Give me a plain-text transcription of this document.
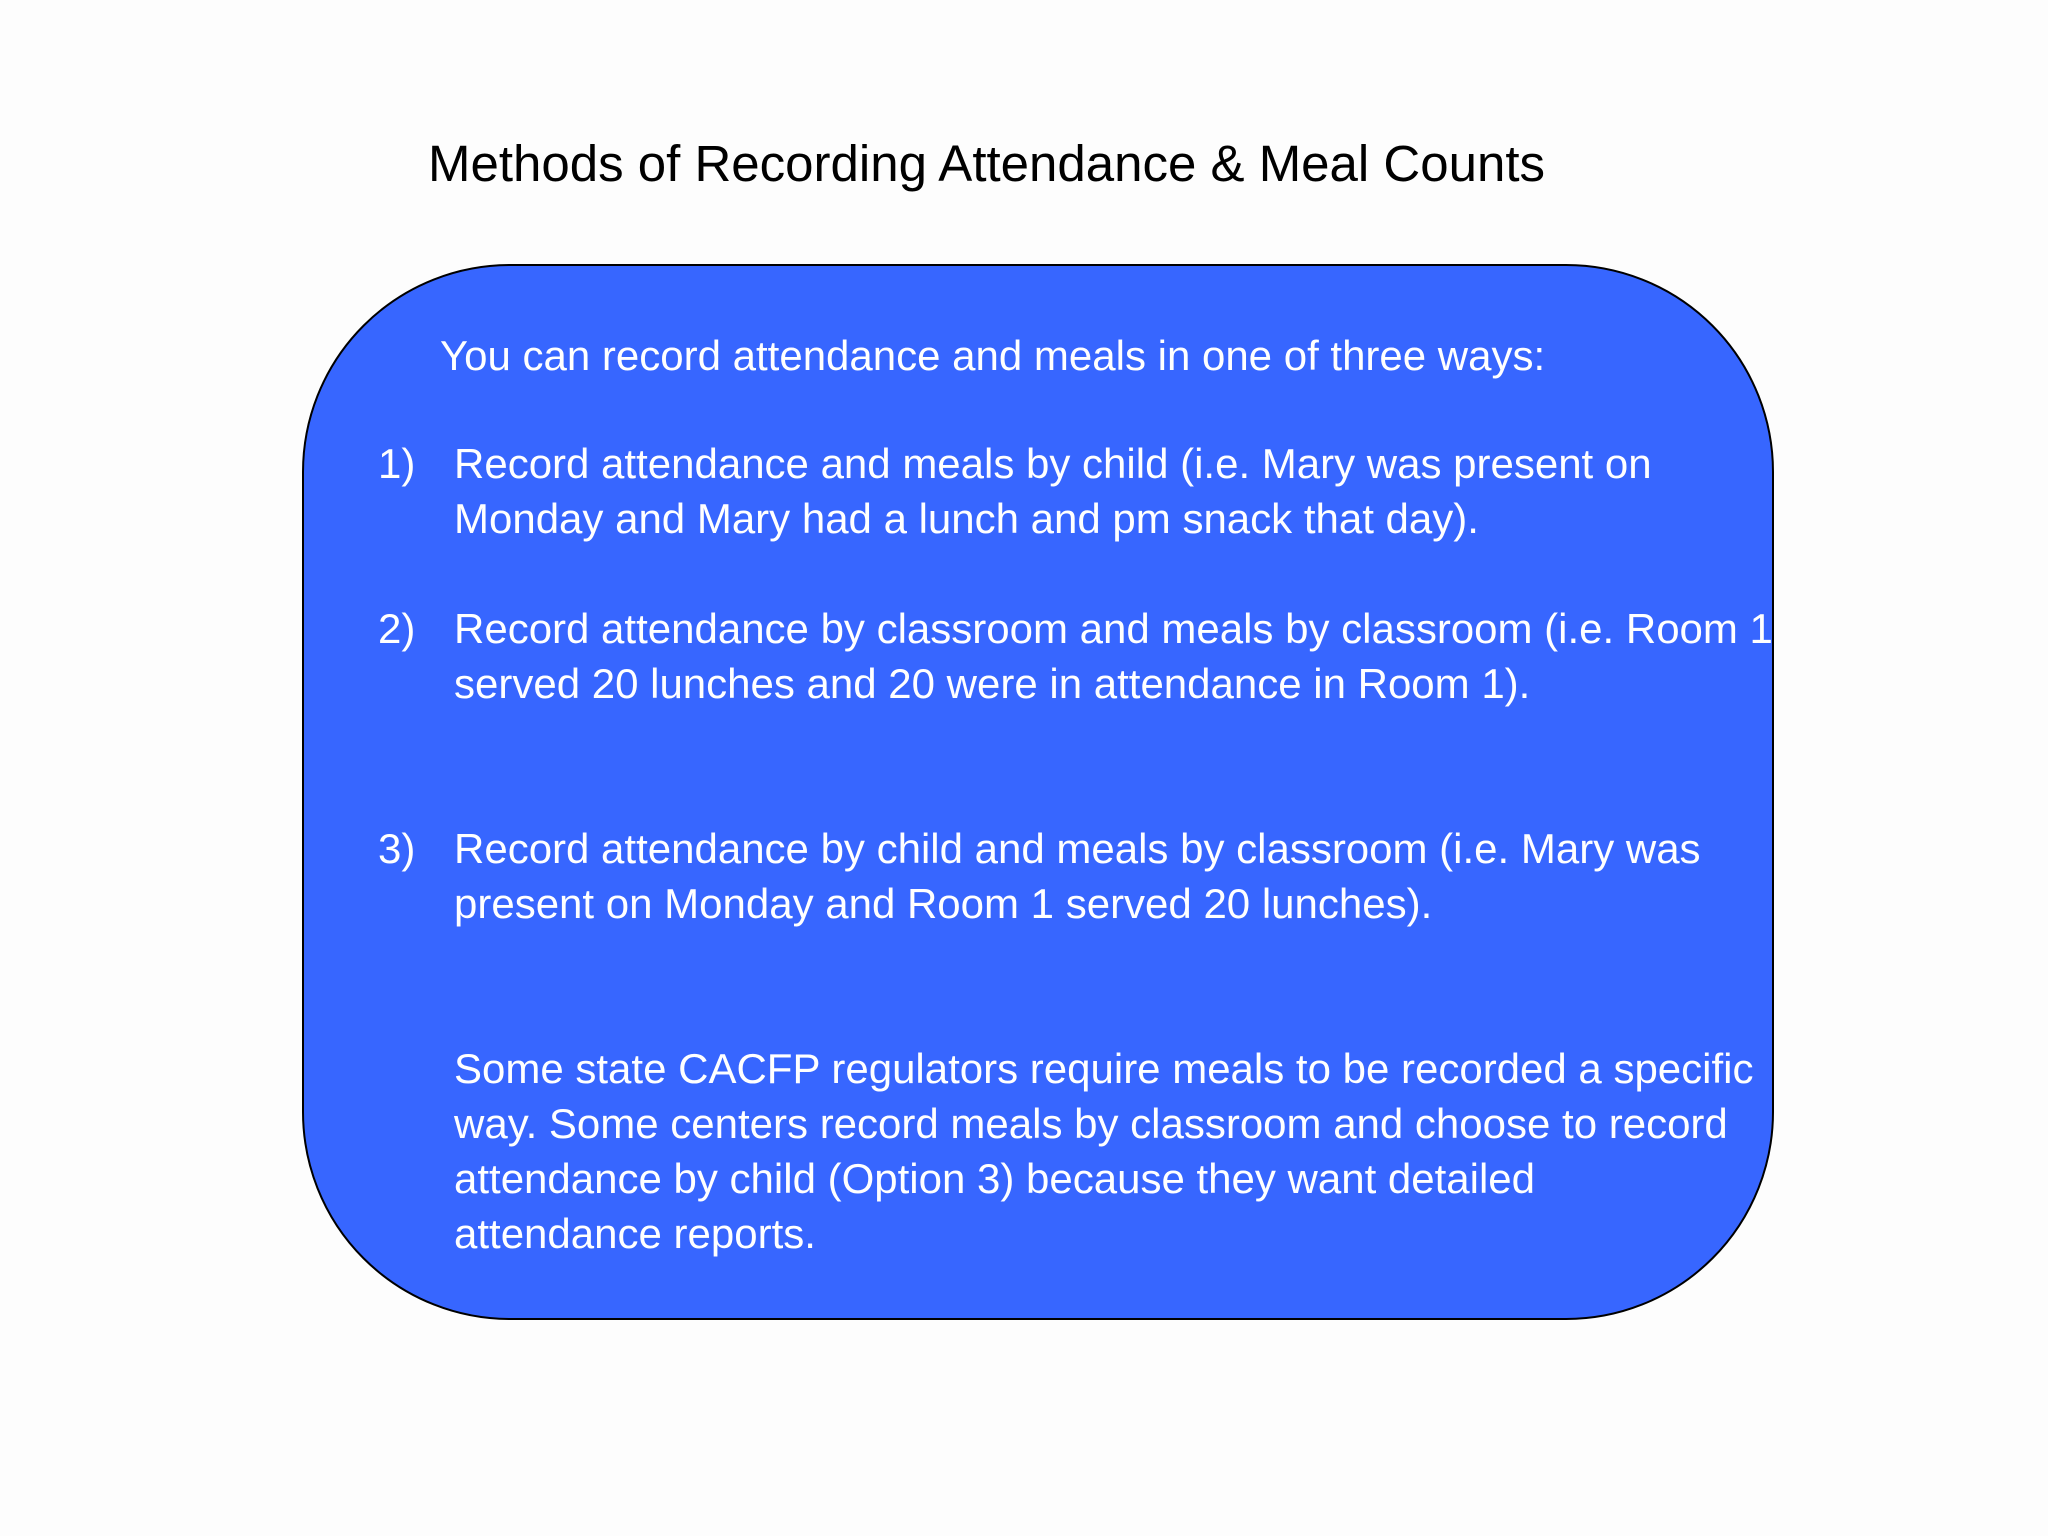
Methods of Recording Attendance & Meal Counts
You can record attendance and meals in one of three ways:
1) Record attendance and meals by child (i.e. Mary was present on Monday and Mary had a lunch and pm snack that day).
2) Record attendance by classroom and meals by classroom (i.e. Room 1 served 20 lunches and 20 were in attendance in Room 1).
3) Record attendance by child and meals by classroom (i.e. Mary was present on Monday and Room 1 served 20 lunches).
Some state CACFP regulators require meals to be recorded a specific way. Some centers record meals by classroom and choose to record attendance by child (Option 3) because they want detailed attendance reports.
